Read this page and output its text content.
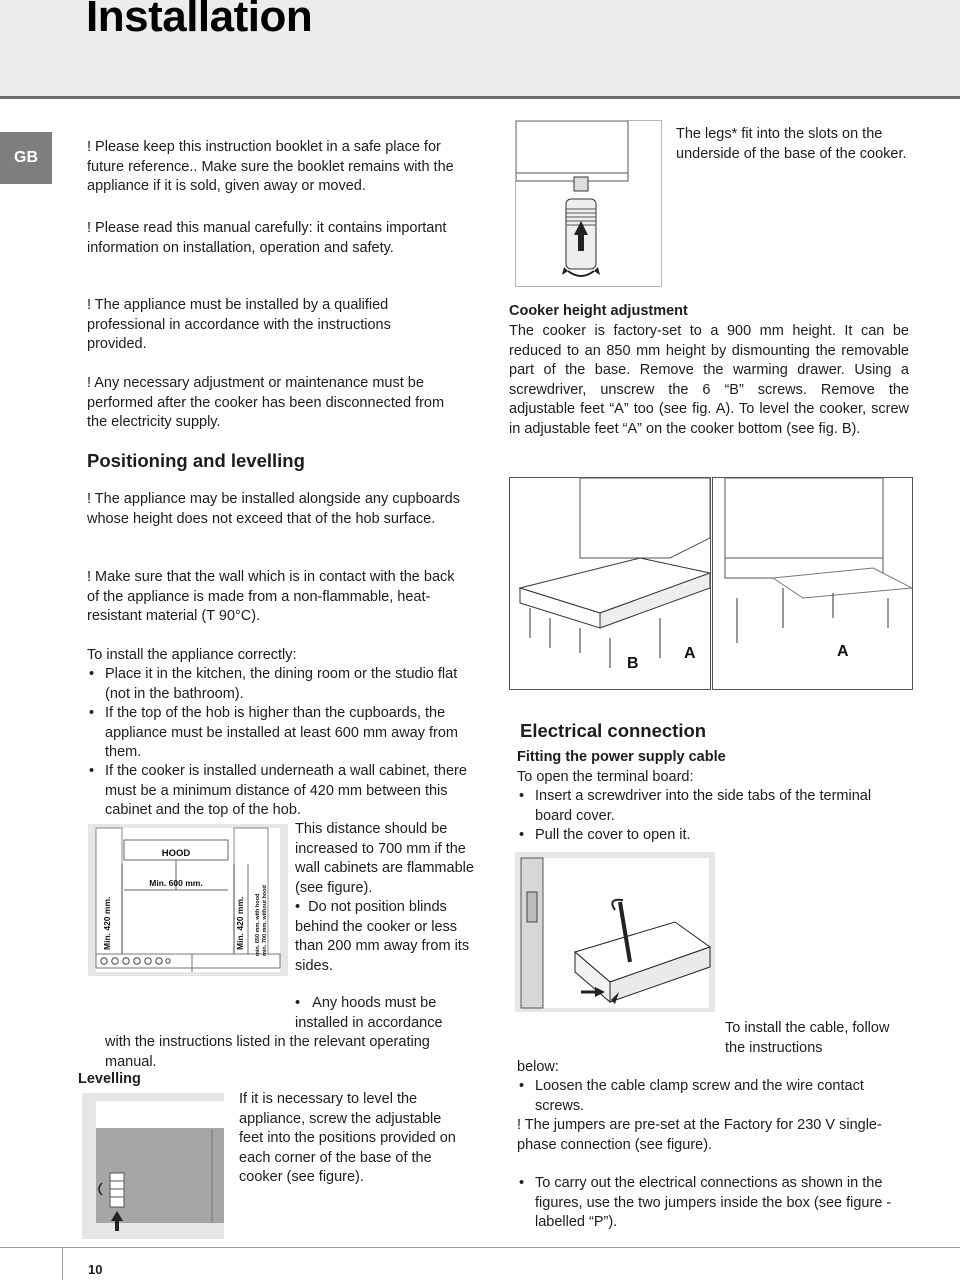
Installation
GB
! Please keep this instruction booklet in a safe place for future reference.. Make sure the booklet remains with the appliance if it is sold, given away or moved.
! Please read this manual carefully: it contains important information on installation, operation and safety.
! The appliance must be installed by a qualified professional in accordance with the instructions provided.
! Any necessary adjustment or maintenance must be performed after the cooker has been disconnected from the electricity supply.
Positioning and levelling
! The appliance may be installed alongside any cupboards whose height does not exceed that of the hob surface.
! Make sure that the wall which is in contact with the back of the appliance is made from a non-flammable, heat-resistant material (T 90°C).
To install the appliance correctly:
• Place it in the kitchen, the dining room or the studio flat (not in the bathroom).
• If the top of the hob is higher than the cupboards, the appliance must be installed at least 600 mm away from them.
• If the cooker is installed underneath a wall cabinet, there must be a minimum distance of 420 mm between this cabinet and the top of the hob.
HOOD
Min. 600 mm.
Min. 420 mm.	Min. 420 mm. min. 650 mm. with hood min. 700 mm. without hood
This distance should be increased to 700 mm if the wall cabinets are flammable (see figure).
•  Do not position blinds behind the cooker or less than 200 mm away from its sides.
•   Any hoods must be installed in accordance
with the instructions listed in the relevant operating manual.
Levelling
If it is necessary to level the appliance, screw the adjustable feet into the positions provided on each corner of the base of the cooker (see figure).
The legs* fit into the slots on the underside of the base of the cooker.
Cooker height adjustment
The cooker is factory-set to a 900 mm height. It can be reduced to an 850 mm height by dismounting the removable part of the base. Remove the warming drawer. Using a screwdriver, unscrew the 6 “B” screws. Remove the adjustable feet “A” too (see fig. A). To level the cooker, screw in adjustable feet “A” on the cooker bottom (see fig. B).
B
A	A
Electrical connection
Fitting the power supply cable
To open the terminal board:
• Insert a screwdriver into the side tabs of the terminal board cover.
• Pull the cover to open it.
To install the cable, follow the instructions
below:
• Loosen the cable clamp screw and the wire contact screws.
! The jumpers are pre-set at the Factory for 230 V single-phase connection (see figure).
• To carry out the electrical connections as shown in the figures, use the two jumpers inside the box (see figure - labelled “P”).
10
